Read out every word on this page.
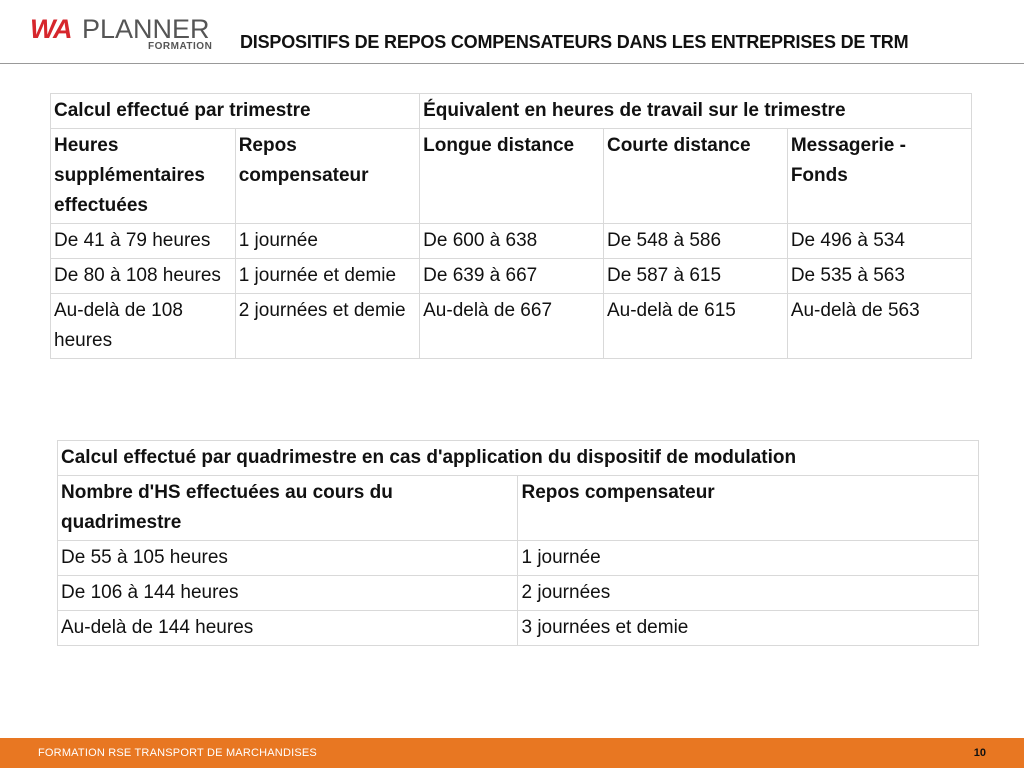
WA PLANNER
FORMATION DISPOSITIFS DE REPOS COMPENSATEURS DANS LES ENTREPRISES DE TRM
Calcul effectué par trimestre		Équivalent en heures de travail sur le trimestre		
Heures supplémentaires effectuées	Repos compensateur	Longue distance	Courte distance	Messagerie - Fonds
De 41 à 79 heures	1 journée	De 600 à 638	De 548 à 586	De 496 à 534
De 80 à 108 heures	1 journée et demie	De 639 à 667	De 587 à 615	De 535 à 563
Au-delà de 108 heures	2 journées et demie	Au-delà de 667	Au-delà de 615	Au-delà de 563
Calcul effectué par quadrimestre en cas d'application du dispositif de modulation	
Nombre d'HS effectuées au cours du quadrimestre	Repos compensateur
De 55 à 105 heures	1 journée
De 106 à 144 heures	2 journées
Au-delà de 144 heures	3 journées et demie
FORMATION RSE TRANSPORT DE MARCHANDISES	10
